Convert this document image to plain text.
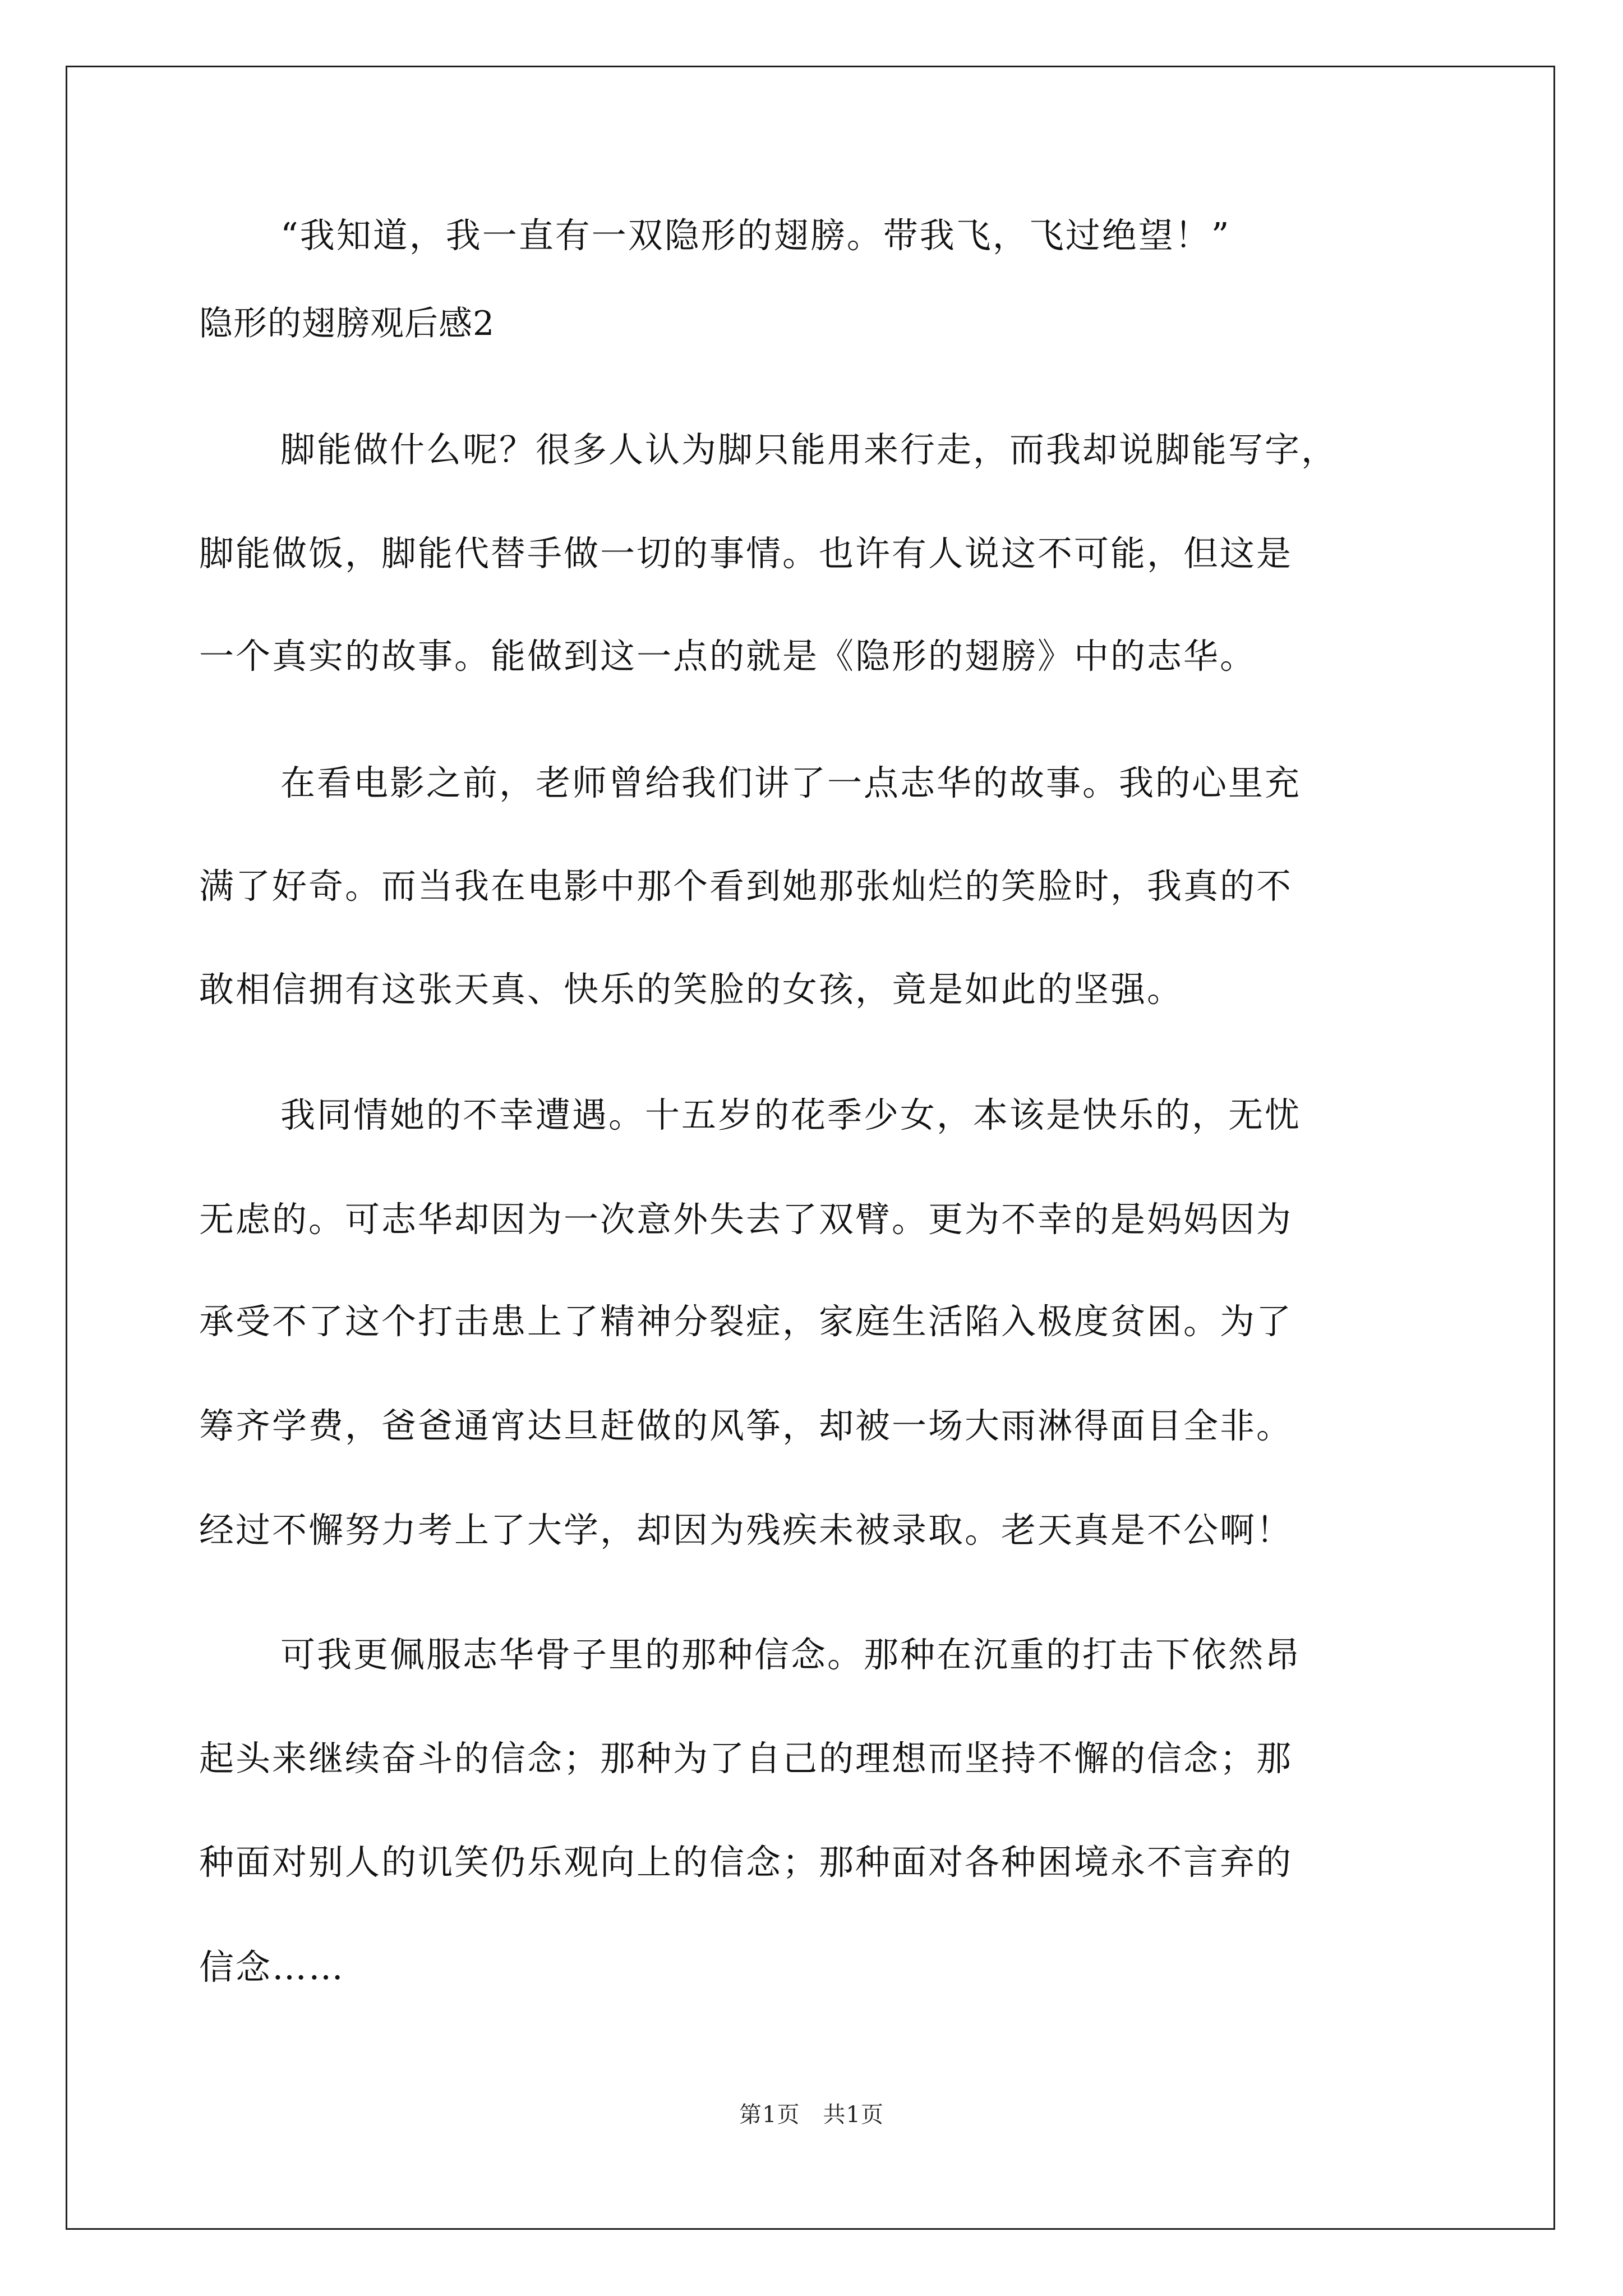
“我知道，我一直有一双隐形的翅膀。带我飞，飞过绝望！”
隐形的翅膀观后感2
脚能做什么呢？很多人认为脚只能用来行走，而我却说脚能写字，
脚能做饭，脚能代替手做一切的事情。也许有人说这不可能，但这是
一个真实的故事。能做到这一点的就是《隐形的翅膀》中的志华。
在看电影之前，老师曾给我们讲了一点志华的故事。我的心里充
满了好奇。而当我在电影中那个看到她那张灿烂的笑脸时，我真的不
敢相信拥有这张天真、快乐的笑脸的女孩，竟是如此的坚强。
我同情她的不幸遭遇。十五岁的花季少女，本该是快乐的，无忧
无虑的。可志华却因为一次意外失去了双臂。更为不幸的是妈妈因为
承受不了这个打击患上了精神分裂症，家庭生活陷入极度贫困。为了
筹齐学费，爸爸通宵达旦赶做的风筝，却被一场大雨淋得面目全非。
经过不懈努力考上了大学，却因为残疾未被录取。老天真是不公啊！
可我更佩服志华骨子里的那种信念。那种在沉重的打击下依然昂
起头来继续奋斗的信念；那种为了自己的理想而坚持不懈的信念；那
种面对别人的讥笑仍乐观向上的信念；那种面对各种困境永不言弃的
信念……
第1页　共1页
